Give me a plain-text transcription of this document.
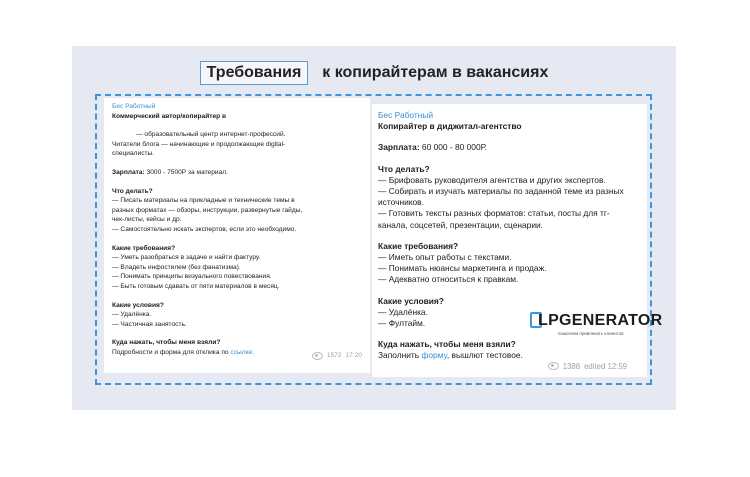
Требования	к копирайтерам в вакансиях
Бес Работный
Коммерческий автор/копирайтер в
— образовательный центр интернет-профессий.
Читатели блога — начинающие и продолжающие digital-
специалисты.
Зарплата: 3000 - 7500Р за материал.
Что делать?
— Писать материалы на прикладные и технические темы в
разных форматах — обзоры, инструкции, развернутые гайды,
чек-листы, кейсы и др.
— Самостоятельно искать экспертов, если это необходимо.
Какие требования?
— Уметь разобраться в задаче и найти фактуру.
— Владеть инфостилем (без фанатизма).
— Понимать принципы визуального повествования.
— Быть готовым сдавать от пяти материалов в месяц.
Какие условия?
— Удалёнка.
— Частичная занятость.
Куда нажать, чтобы меня взяли?
Подробности и форма для отклика по ссылке.
1572 17:20
Бес Работный
Копирайтер в диджитал-агентство
Зарплата: 60 000 - 80 000Р.
Что делать?
— Брифовать руководителя агентства и других экспертов.
— Собирать и изучать материалы по заданной теме из разных
источников.
— Готовить тексты разных форматов: статьи, посты для тг-
канала, соцсетей, презентации, сценарии.
Какие требования?
— Иметь опыт работы с текстами.
— Понимать нюансы маркетинга и продаж.
— Адекватно относиться к правкам.
Какие условия?
— Удалёнка.
— Фултайм.
Куда нажать, чтобы меня взяли?
Заполнить форму, вышлют тестовое.
1388 edited 12:59
LPGENERATOR
помогаем привлекать клиентов
